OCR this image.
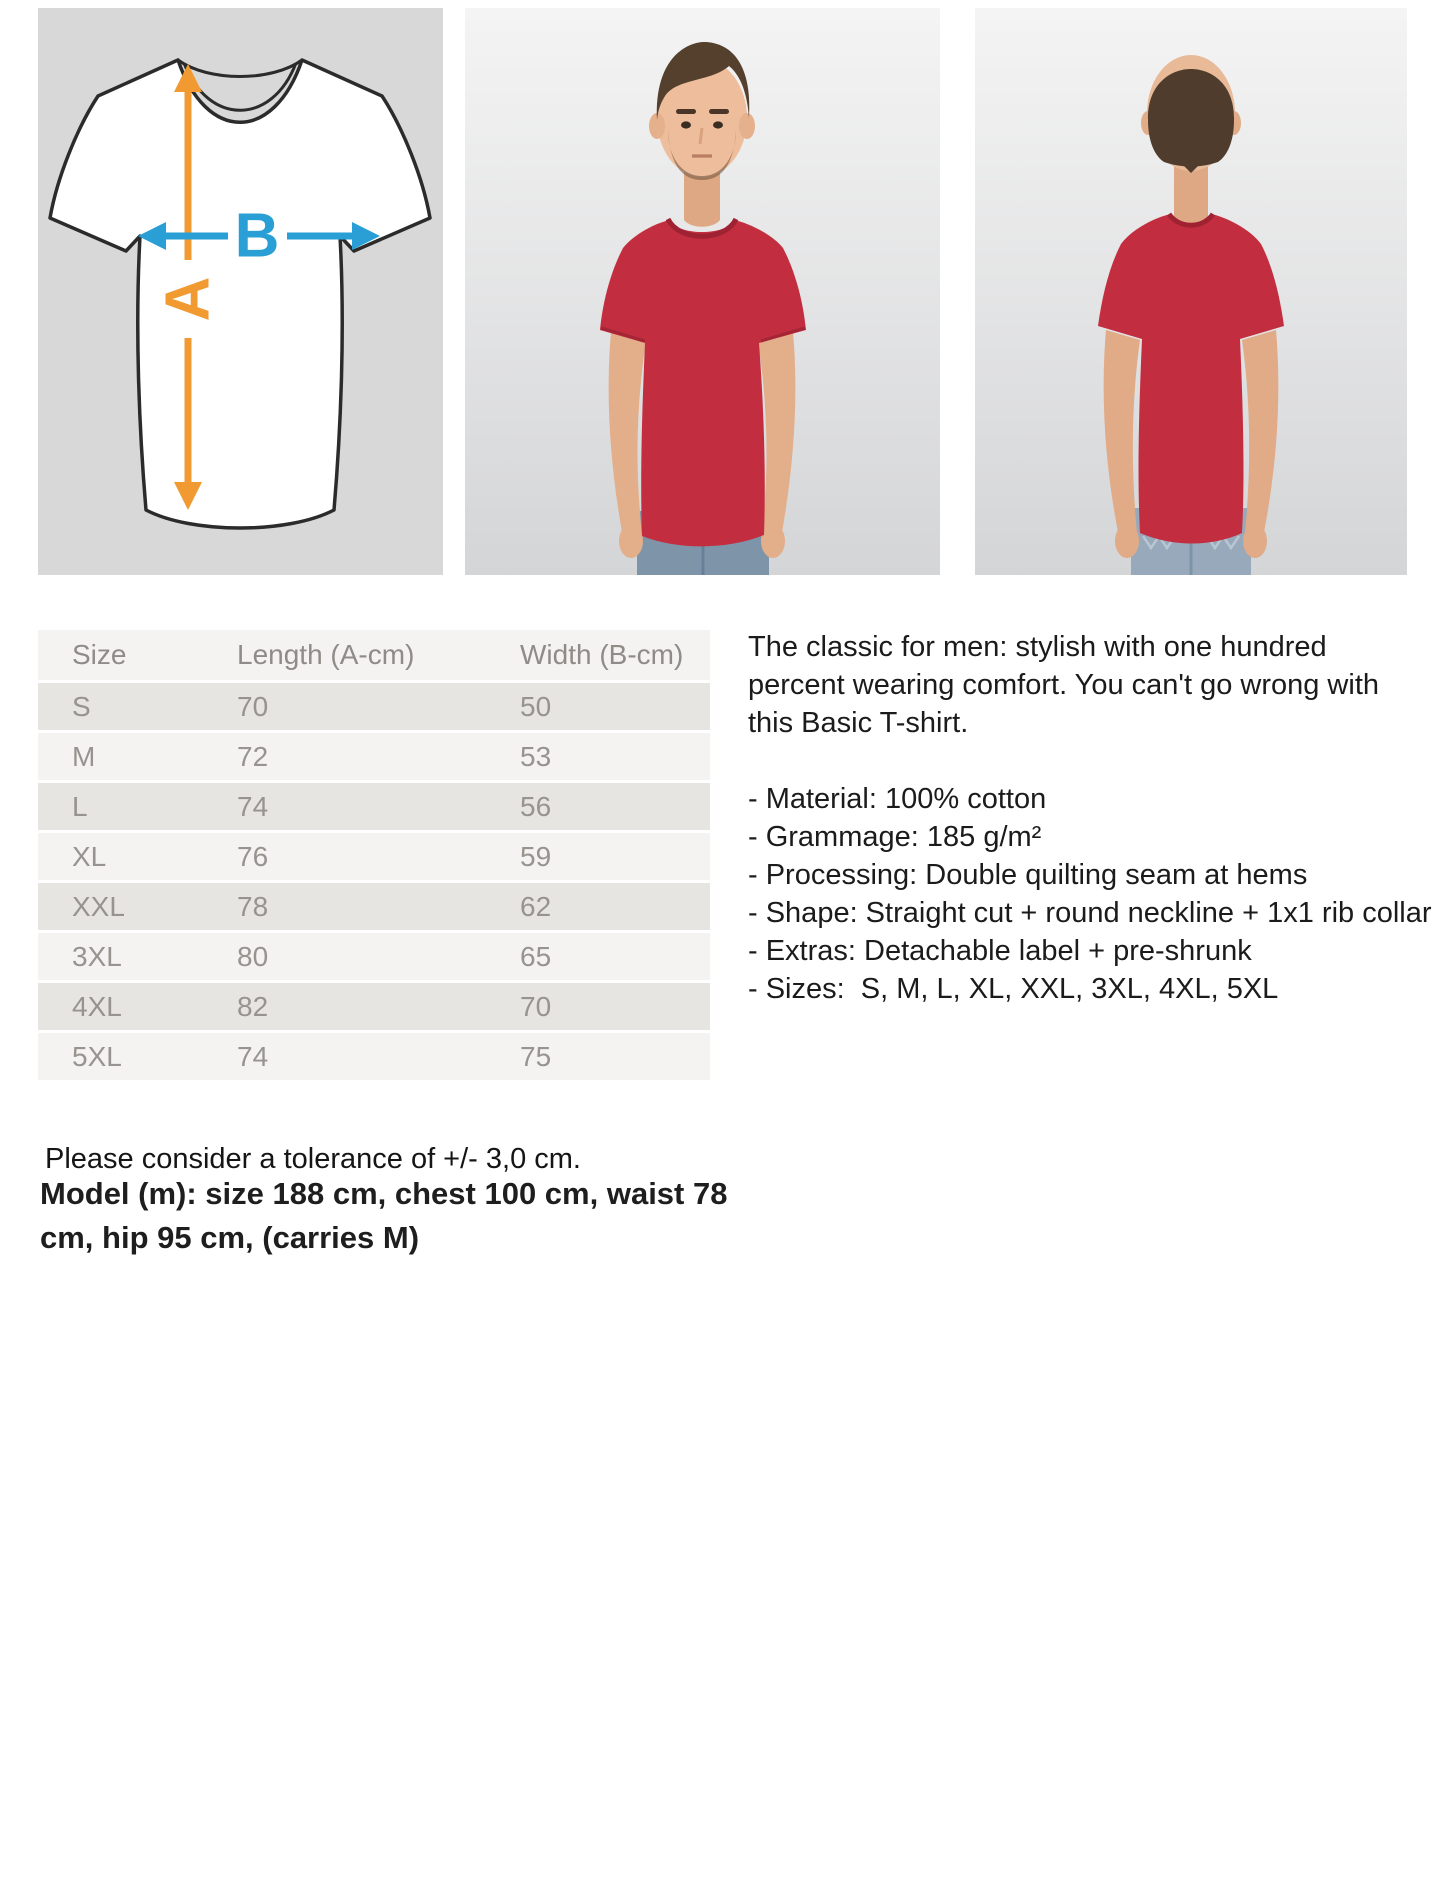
A
B
Size	Length (A-cm)	Width (B-cm)
S	70	50
M	72	53
L	74	56
XL	76	59
XXL	78	62
3XL	80	65
4XL	82	70
5XL	74	75
The classic for men: stylish with one hundred
percent wearing comfort. You can't go wrong with
this Basic T-shirt.
- Material: 100% cotton
- Grammage: 185 g/m²
- Processing: Double quilting seam at hems
- Shape: Straight cut + round neckline + 1x1 rib collar
- Extras: Detachable label + pre-shrunk
- Sizes:  S, M, L, XL, XXL, 3XL, 4XL, 5XL
Please consider a tolerance of +/- 3,0 cm.
Model (m): size 188 cm, chest 100 cm, waist 78
cm, hip 95 cm, (carries M)
